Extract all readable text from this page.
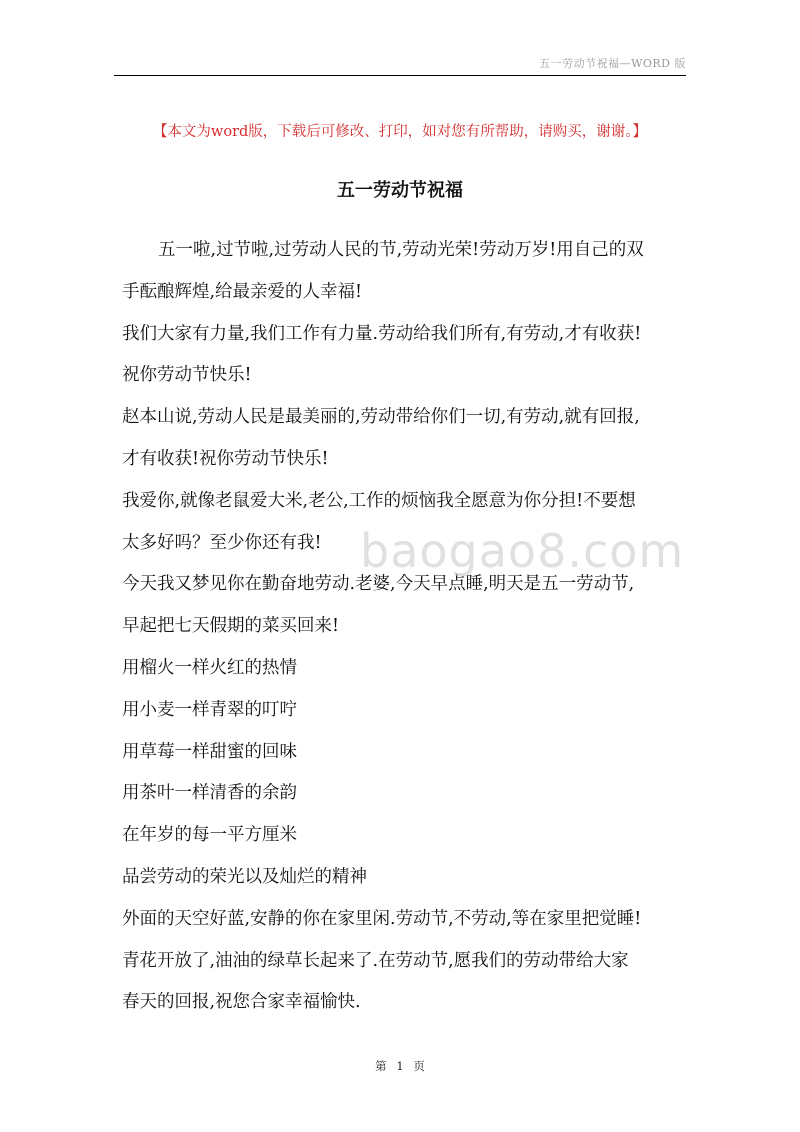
五一劳动节祝福—WORD 版
【本文为word版，下载后可修改、打印，如对您有所帮助，请购买，谢谢。】
五一劳动节祝福

五一啦,过节啦,过劳动人民的节,劳动光荣!劳动万岁!用自己的双

手酝酿辉煌,给最亲爱的人幸福!

我们大家有力量,我们工作有力量.劳动给我们所有,有劳动,才有收获!

祝你劳动节快乐!

赵本山说,劳动人民是最美丽的,劳动带给你们一切,有劳动,就有回报,

才有收获!祝你劳动节快乐!

我爱你,就像老鼠爱大米,老公,工作的烦恼我全愿意为你分担!不要想

太多好吗？至少你还有我!

今天我又梦见你在勤奋地劳动.老婆,今天早点睡,明天是五一劳动节,

早起把七天假期的菜买回来!

用榴火一样火红的热情

用小麦一样青翠的叮咛

用草莓一样甜蜜的回味

用茶叶一样清香的余韵

在年岁的每一平方厘米

品尝劳动的荣光以及灿烂的精神

外面的天空好蓝,安静的你在家里闲.劳动节,不劳动,等在家里把觉睡!

青花开放了,油油的绿草长起来了.在劳动节,愿我们的劳动带给大家

春天的回报,祝您合家幸福愉快.

baogao8.com
第 1 页
